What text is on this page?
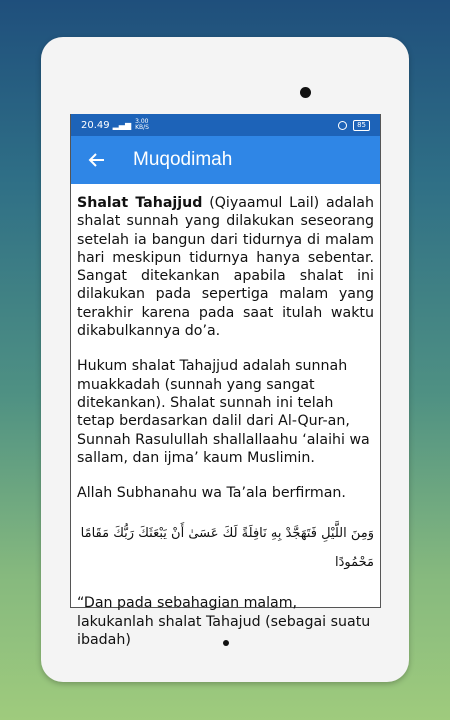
20.49 ▂▄▆ 3.00
KB/S	85
Muqodimah

Shalat Tahajjud (Qiyaamul Lail) adalah shalat sunnah yang dilakukan seseorang setelah ia bangun dari tidurnya di malam hari meskipun tidurnya hanya sebentar. Sangat ditekankan apabila shalat ini dilakukan pada sepertiga malam yang terakhir karena pada saat itulah waktu dikabulkannya do’a.

Hukum shalat Tahajjud adalah sunnah muakkadah (sunnah yang sangat ditekankan). Shalat sunnah ini telah tetap berdasarkan dalil dari Al-Qur-an, Sunnah Rasulullah shallallaahu ‘alaihi wa sallam, dan ijma’ kaum Muslimin.

Allah Subhanahu wa Ta’ala berfirman.

وَمِنَ اللَّيْلِ فَتَهَجَّدْ بِهِ نَافِلَةً لَكَ عَسَىٰ أَنْ يَبْعَثَكَ رَبُّكَ مَقَامًا مَحْمُودًا

“Dan pada sebahagian malam, lakukanlah shalat Tahajud (sebagai suatu ibadah)
